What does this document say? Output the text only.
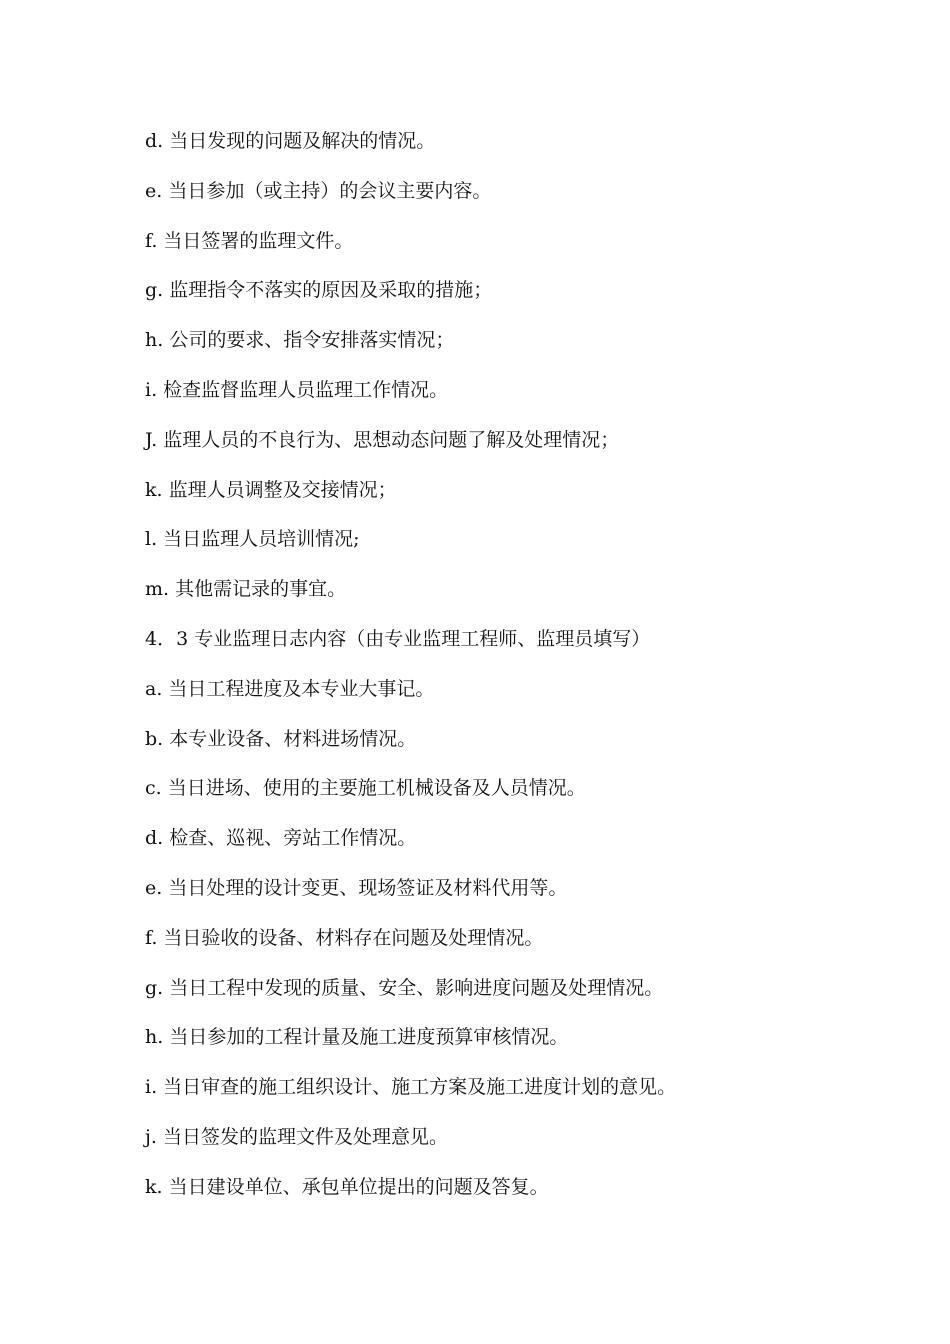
d. 当日发现的问题及解决的情况。
e. 当日参加（或主持）的会议主要内容。
f. 当日签署的监理文件。
g. 监理指令不落实的原因及采取的措施；
h. 公司的要求、指令安排落实情况；
i. 检查监督监理人员监理工作情况。
J. 监理人员的不良行为、思想动态问题了解及处理情况；
k. 监理人员调整及交接情况；
l. 当日监理人员培训情况;
m. 其他需记录的事宜。
4．3 专业监理日志内容（由专业监理工程师、监理员填写）
a. 当日工程进度及本专业大事记。
b. 本专业设备、材料进场情况。
c. 当日进场、使用的主要施工机械设备及人员情况。
d. 检查、巡视、旁站工作情况。
e. 当日处理的设计变更、现场签证及材料代用等。
f. 当日验收的设备、材料存在问题及处理情况。
g. 当日工程中发现的质量、安全、影响进度问题及处理情况。
h. 当日参加的工程计量及施工进度预算审核情况。
i. 当日审查的施工组织设计、施工方案及施工进度计划的意见。
j. 当日签发的监理文件及处理意见。
k. 当日建设单位、承包单位提出的问题及答复。
